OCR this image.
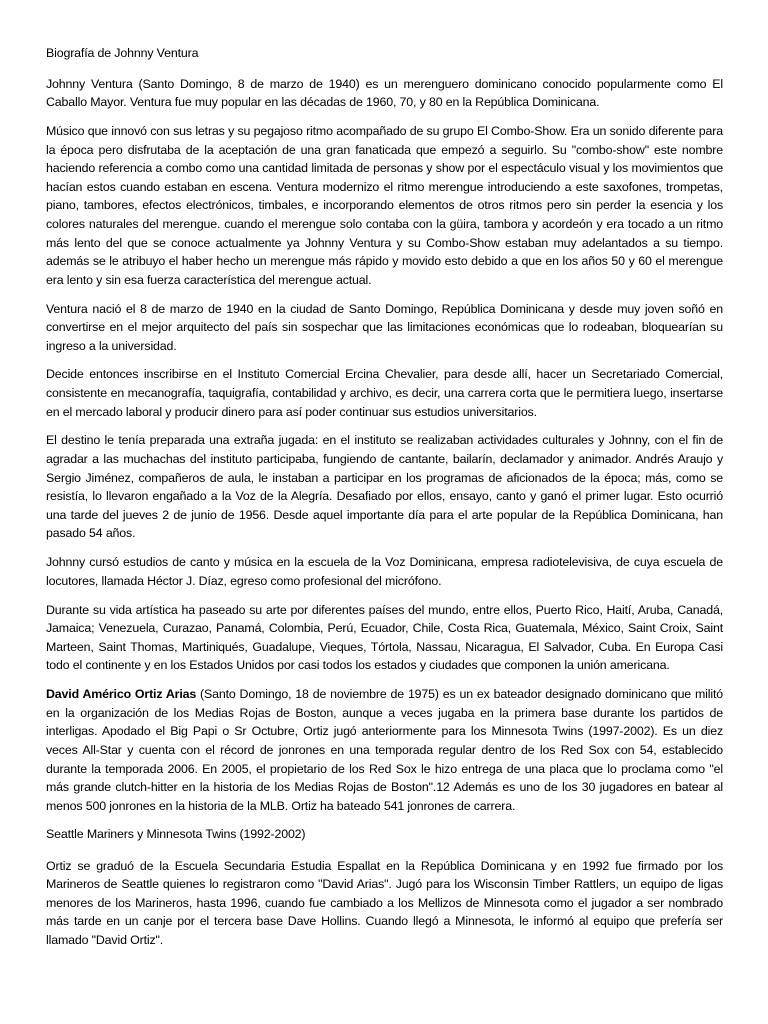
Biografía de Johnny Ventura

Johnny Ventura (Santo Domingo, 8 de marzo de 1940) es un merenguero dominicano conocido popularmente como El Caballo Mayor. Ventura fue muy popular en las décadas de 1960, 70, y 80 en la República Dominicana.

Músico que innovó con sus letras y su pegajoso ritmo acompañado de su grupo El Combo-Show. Era un sonido diferente para la época pero disfrutaba de la aceptación de una gran fanaticada que empezó a seguirlo. Su "combo-show" este nombre haciendo referencia a combo como una cantidad limitada de personas y show por el espectáculo visual y los movimientos que hacían estos cuando estaban en escena. Ventura modernizo el ritmo merengue introduciendo a este saxofones, trompetas, piano, tambores, efectos electrónicos, timbales, e incorporando elementos de otros ritmos pero sin perder la esencia y los colores naturales del merengue. cuando el merengue solo contaba con la güira, tambora y acordeón y era tocado a un ritmo más lento del que se conoce actualmente ya Johnny Ventura y su Combo-Show estaban muy adelantados a su tiempo. además se le atribuyo el haber hecho un merengue más rápido y movido esto debido a que en los años 50 y 60 el merengue era lento y sin esa fuerza característica del merengue actual.

Ventura nació el 8 de marzo de 1940 en la ciudad de Santo Domingo, República Dominicana y desde muy joven soñó en convertirse en el mejor arquitecto del país sin sospechar que las limitaciones económicas que lo rodeaban, bloquearían su ingreso a la universidad.

Decide entonces inscribirse en el Instituto Comercial Ercina Chevalier, para desde allí, hacer un Secretariado Comercial, consistente en mecanografía, taquigrafía, contabilidad y archivo, es decir, una carrera corta que le permitiera luego, insertarse en el mercado laboral y producir dinero para así poder continuar sus estudios universitarios.

El destino le tenía preparada una extraña jugada: en el instituto se realizaban actividades culturales y Johnny, con el fin de agradar a las muchachas del instituto participaba, fungiendo de cantante, bailarín, declamador y animador. Andrés Araujo y Sergio Jiménez, compañeros de aula, le instaban a participar en los programas de aficionados de la época; más, como se resistía, lo llevaron engañado a la Voz de la Alegría. Desafiado por ellos, ensayo, canto y ganó el primer lugar. Esto ocurrió una tarde del jueves 2 de junio de 1956. Desde aquel importante día para el arte popular de la República Dominicana, han pasado 54 años.

Johnny cursó estudios de canto y música en la escuela de la Voz Dominicana, empresa radiotelevisiva, de cuya escuela de locutores, llamada Héctor J. Díaz, egreso como profesional del micrófono.

Durante su vida artística ha paseado su arte por diferentes países del mundo, entre ellos, Puerto Rico, Haití, Aruba, Canadá, Jamaica; Venezuela, Curazao, Panamá, Colombia, Perú, Ecuador, Chile, Costa Rica, Guatemala, México, Saint Croix, Saint Marteen, Saint Thomas, Martiniqués, Guadalupe, Vieques, Tórtola, Nassau, Nicaragua, El Salvador, Cuba. En Europa Casi todo el continente y en los Estados Unidos por casi todos los estados y ciudades que componen la unión americana.

David Américo Ortiz Arias (Santo Domingo, 18 de noviembre de 1975) es un ex bateador designado dominicano que militó en la organización de los Medias Rojas de Boston, aunque a veces jugaba en la primera base durante los partidos de interligas. Apodado el Big Papi o Sr Octubre, Ortiz jugó anteriormente para los Minnesota Twins (1997-2002). Es un diez veces All-Star y cuenta con el récord de jonrones en una temporada regular dentro de los Red Sox con 54, establecido durante la temporada 2006. En 2005, el propietario de los Red Sox le hizo entrega de una placa que lo proclama como "el más grande clutch-hitter en la historia de los Medias Rojas de Boston".12 Además es uno de los 30 jugadores en batear al menos 500 jonrones en la historia de la MLB. Ortiz ha bateado 541 jonrones de carrera.

Seattle Mariners y Minnesota Twins (1992-2002)

Ortiz se graduó de la Escuela Secundaria Estudia Espallat en la República Dominicana y en 1992 fue firmado por los Marineros de Seattle quienes lo registraron como "David Arias". Jugó para los Wisconsin Timber Rattlers, un equipo de ligas menores de los Marineros, hasta 1996, cuando fue cambiado a los Mellizos de Minnesota como el jugador a ser nombrado más tarde en un canje por el tercera base Dave Hollins. Cuando llegó a Minnesota, le informó al equipo que prefería ser llamado "David Ortiz".
